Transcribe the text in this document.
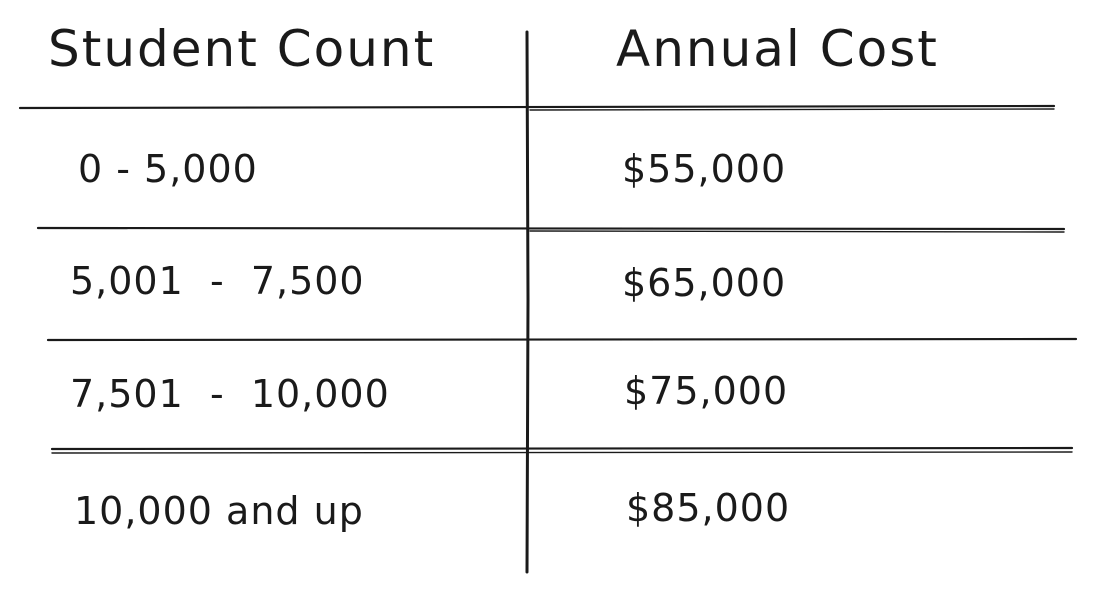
Student Count	Annual Cost
0 - 5,000	$55,000
5,001  -  7,500	$65,000
7,501  -  10,000	$75,000
10,000 and up	$85,000
